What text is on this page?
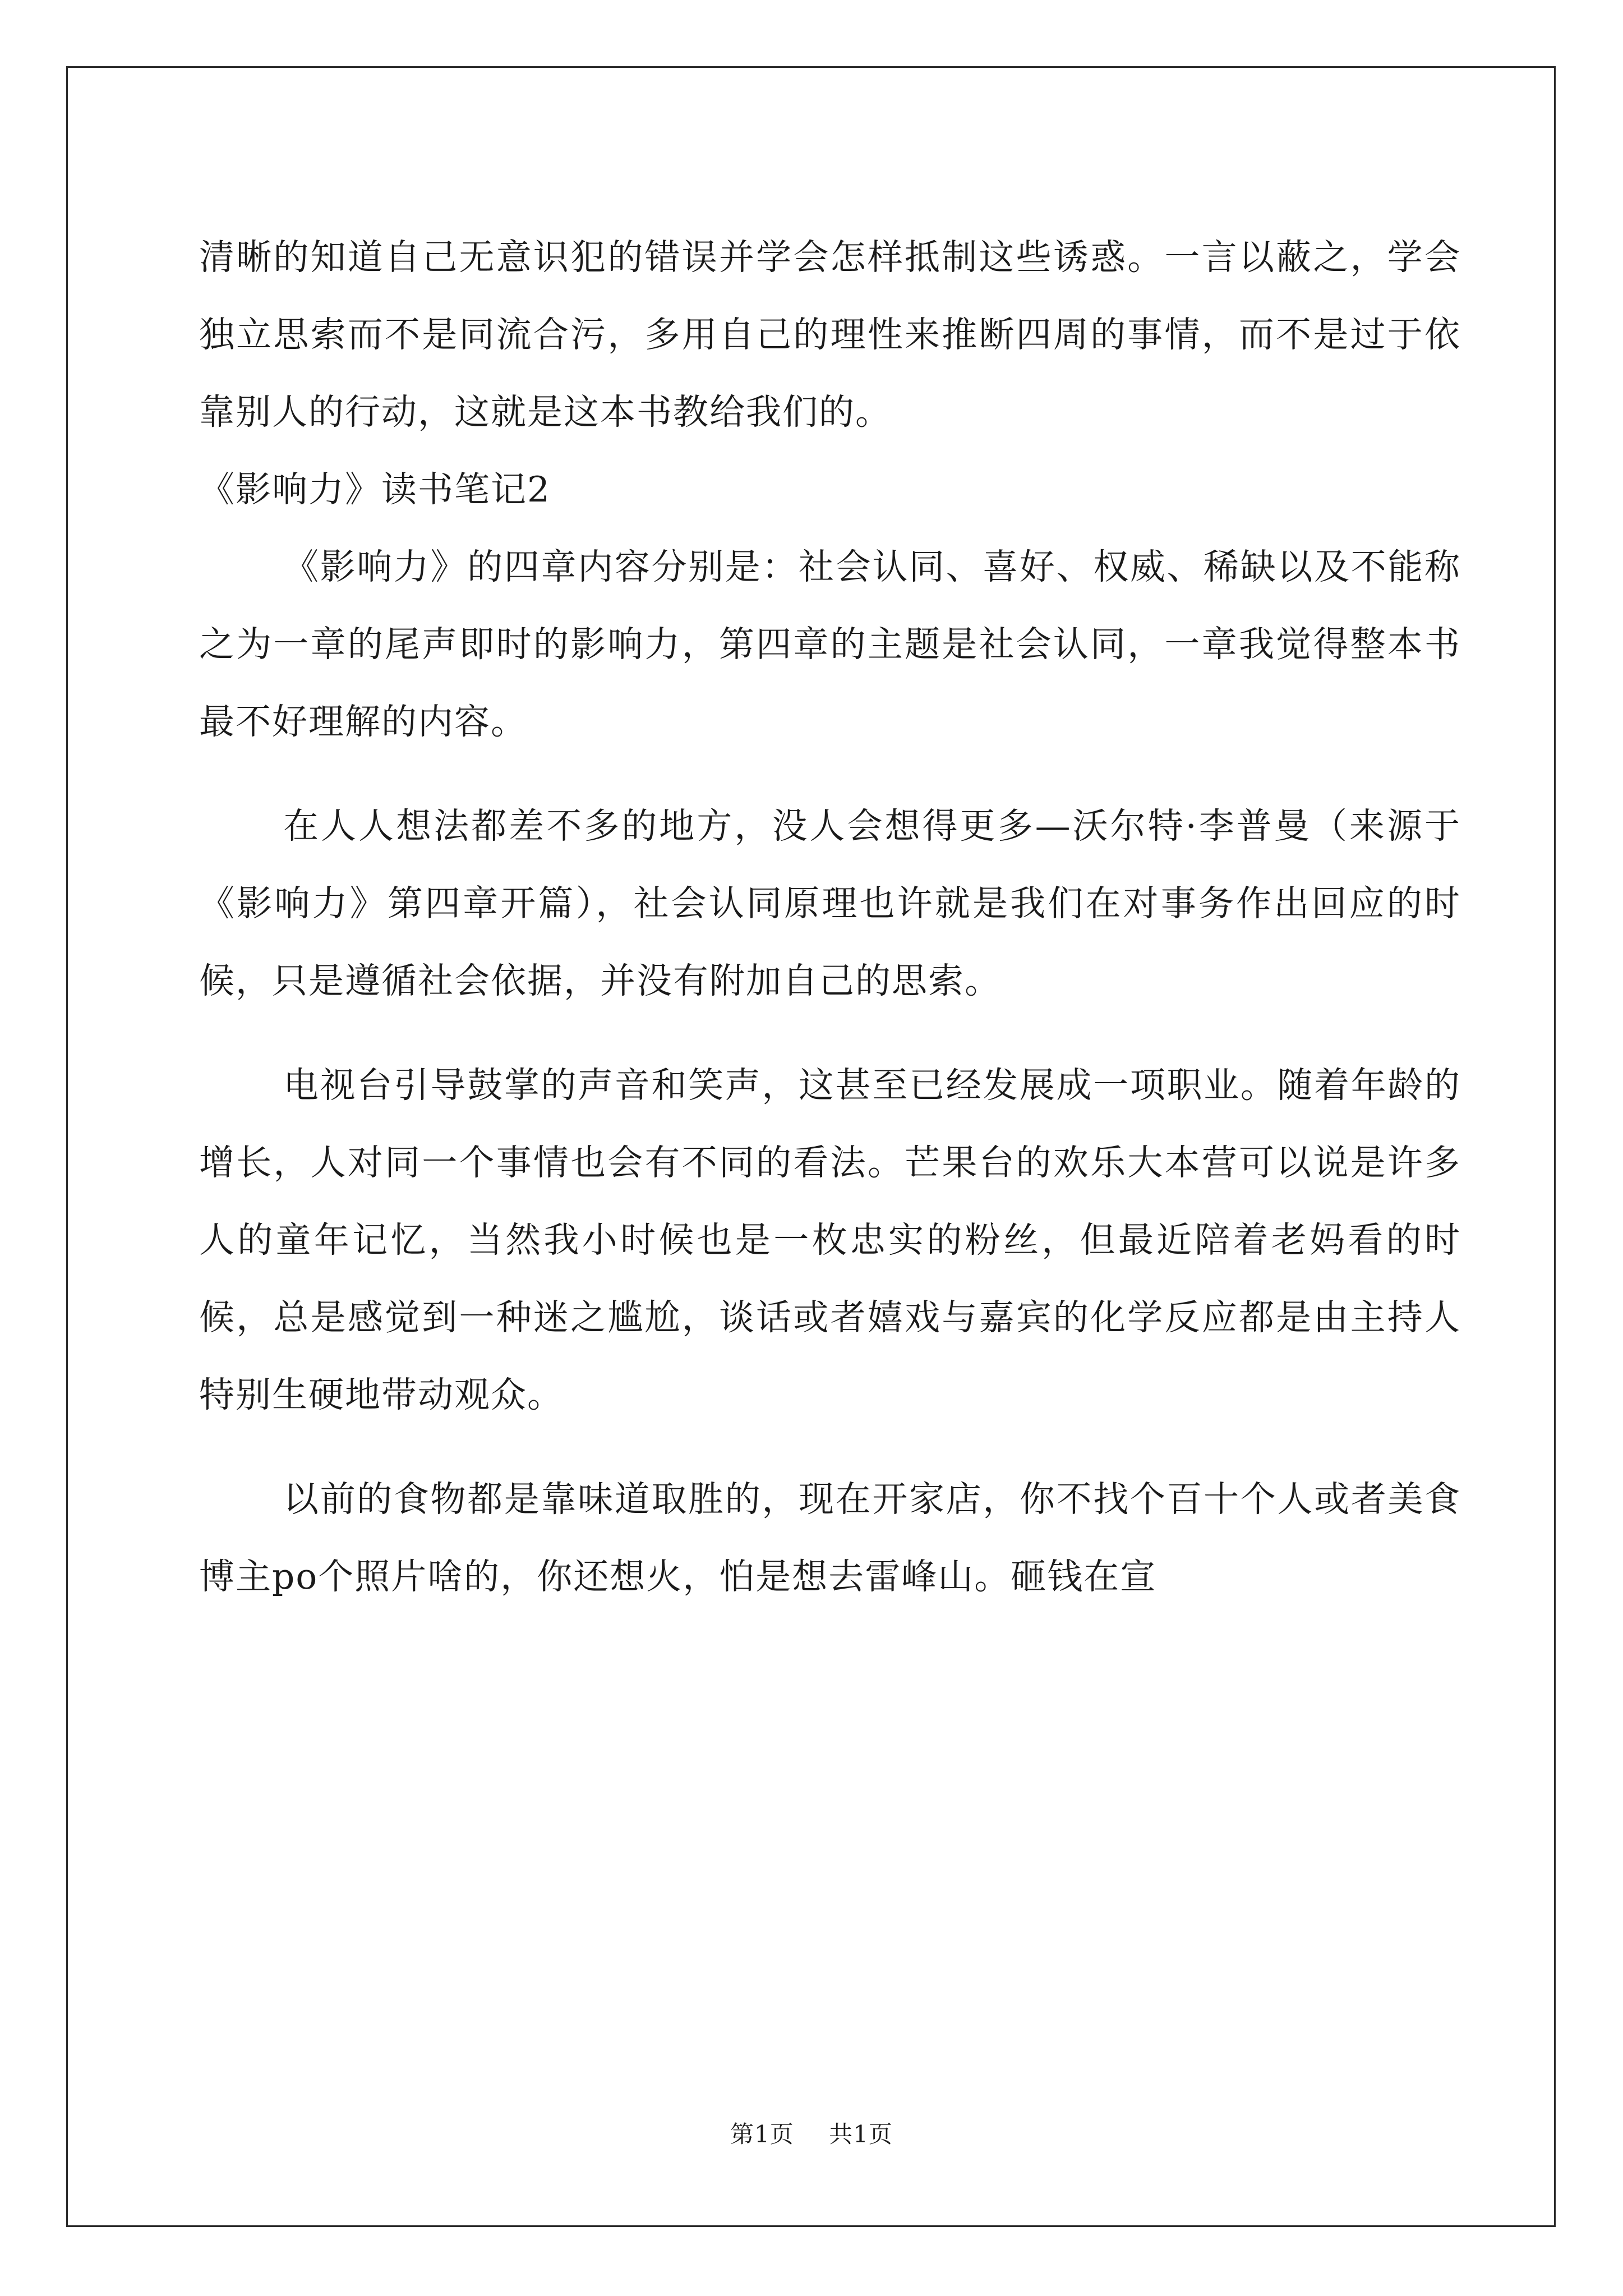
清晰的知道自己无意识犯的错误并学会怎样抵制这些诱惑。一言以蔽之，学会独立思索而不是同流合污，多用自己的理性来推断四周的事情，而不是过于依靠别人的行动，这就是这本书教给我们的。

《影响力》读书笔记2

《影响力》的四章内容分别是：社会认同、喜好、权威、稀缺以及不能称之为一章的尾声即时的影响力，第四章的主题是社会认同，一章我觉得整本书最不好理解的内容。

在人人想法都差不多的地方，没人会想得更多—沃尔特·李普曼（来源于《影响力》第四章开篇），社会认同原理也许就是我们在对事务作出回应的时候，只是遵循社会依据，并没有附加自己的思索。

电视台引导鼓掌的声音和笑声，这甚至已经发展成一项职业。随着年龄的增长，人对同一个事情也会有不同的看法。芒果台的欢乐大本营可以说是许多人的童年记忆，当然我小时候也是一枚忠实的粉丝，但最近陪着老妈看的时候，总是感觉到一种迷之尴尬，谈话或者嬉戏与嘉宾的化学反应都是由主持人特别生硬地带动观众。

以前的食物都是靠味道取胜的，现在开家店，你不找个百十个人或者美食博主po个照片啥的，你还想火，怕是想去雷峰山。砸钱在宣

第1页 共1页
